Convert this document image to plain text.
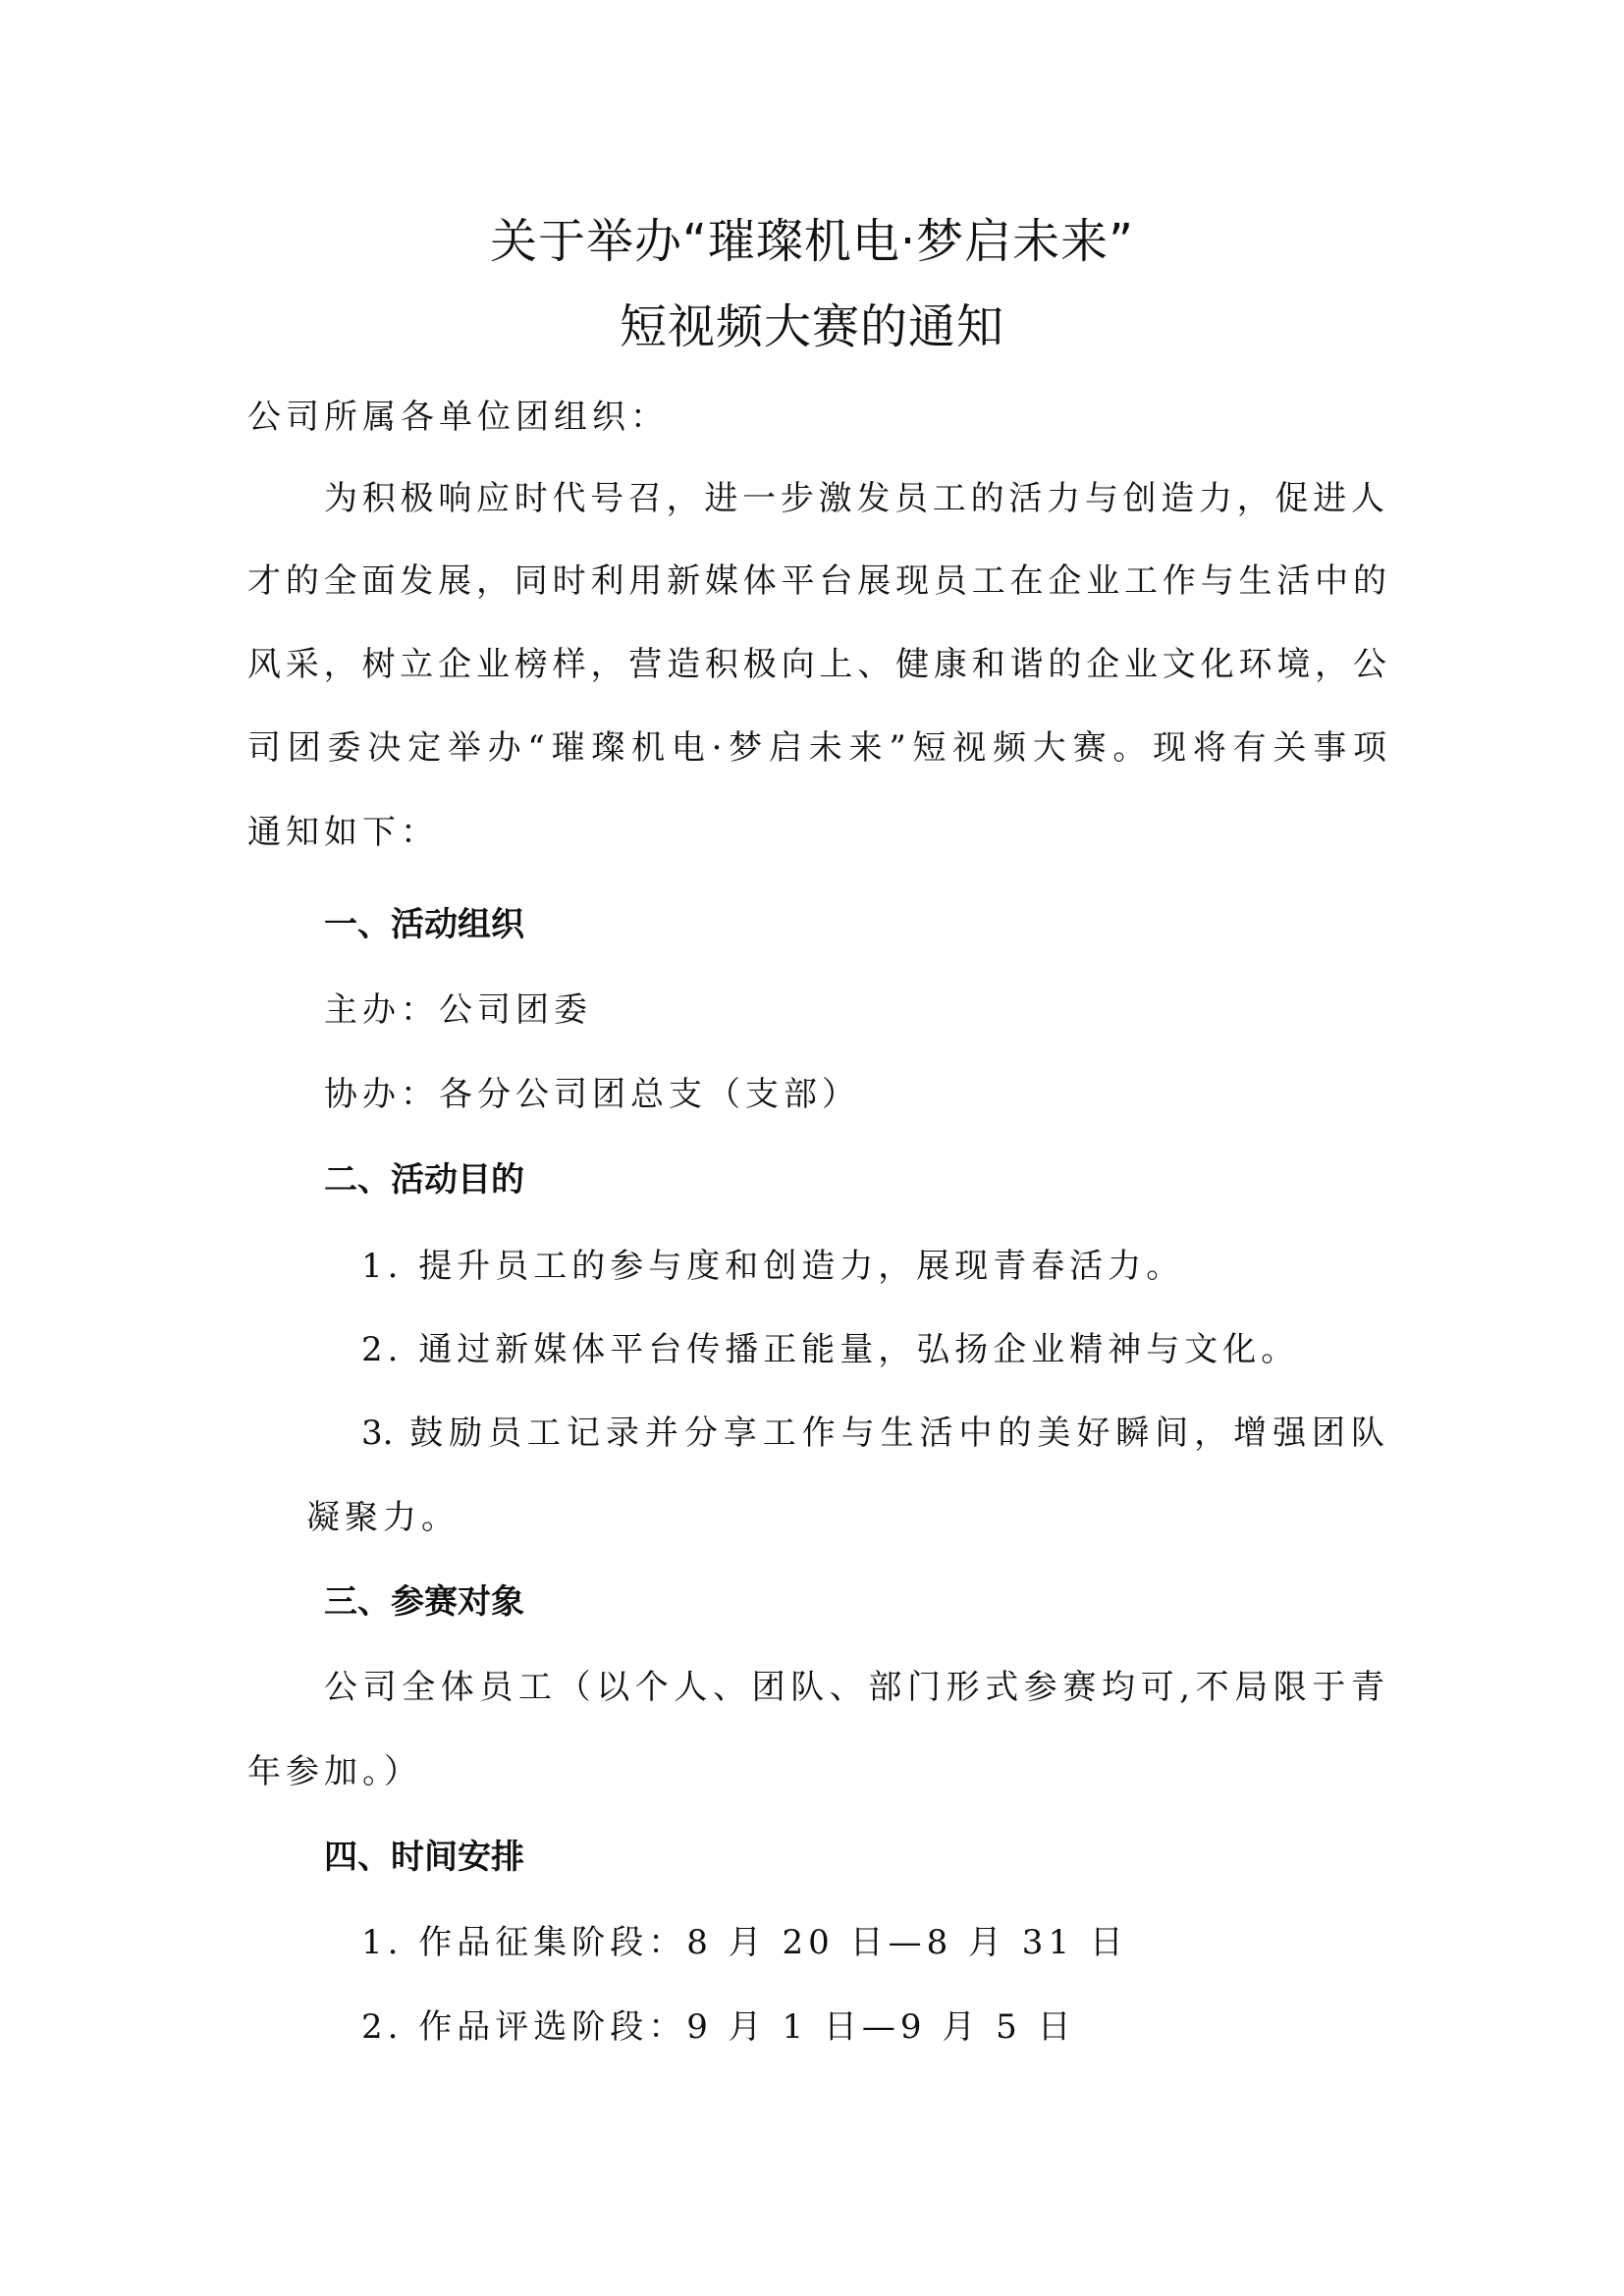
关于举办“璀璨机电·梦启未来”
短视频大赛的通知
公司所属各单位团组织：
为积极响应时代号召，进一步激发员工的活力与创造力，促进人
才的全面发展，同时利用新媒体平台展现员工在企业工作与生活中的
风采，树立企业榜样，营造积极向上、健康和谐的企业文化环境，公
司团委决定举办“璀璨机电·梦启未来”短视频大赛。现将有关事项
通知如下：
一、活动组织
主办：公司团委
协办：各分公司团总支（支部）
二、活动目的
1. 提升员工的参与度和创造力，展现青春活力。
2. 通过新媒体平台传播正能量，弘扬企业精神与文化。
3. 鼓励员工记录并分享工作与生活中的美好瞬间，增强团队
凝聚力。
三、参赛对象
公司全体员工（以个人、团队、部门形式参赛均可,不局限于青
年参加。）
四、时间安排
1. 作品征集阶段：8 月 20 日—8 月 31 日
2. 作品评选阶段：9 月 1 日—9 月 5 日
